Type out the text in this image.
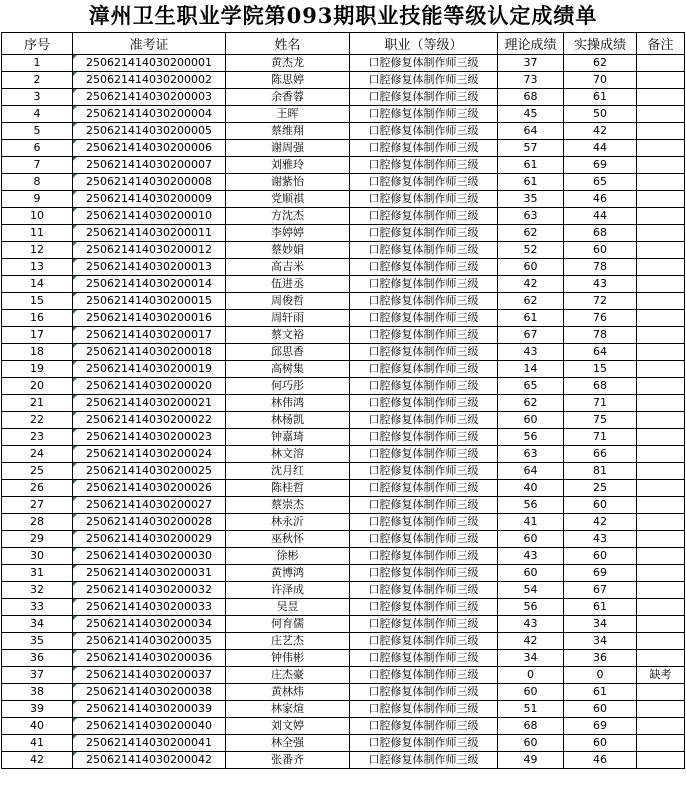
漳州卫生职业学院第093期职业技能等级认定成绩单
序号	准考证	姓名	职业（等级）	理论成绩	实操成绩	备注
1	250621414030200001	黄杰龙	口腔修复体制作师三级	37	62	
2	250621414030200002	陈思婷	口腔修复体制作师三级	73	70	
3	250621414030200003	余香蓉	口腔修复体制作师三级	68	61	
4	250621414030200004	王晖	口腔修复体制作师三级	45	50	
5	250621414030200005	蔡维翔	口腔修复体制作师三级	64	42	
6	250621414030200006	谢周强	口腔修复体制作师三级	57	44	
7	250621414030200007	刘雅玲	口腔修复体制作师三级	61	69	
8	250621414030200008	谢紫怡	口腔修复体制作师三级	61	65	
9	250621414030200009	党顺祺	口腔修复体制作师三级	35	46	
10	250621414030200010	方沈杰	口腔修复体制作师三级	63	44	
11	250621414030200011	李婷婷	口腔修复体制作师三级	62	68	
12	250621414030200012	蔡妙娟	口腔修复体制作师三级	52	60	
13	250621414030200013	高吉米	口腔修复体制作师三级	60	78	
14	250621414030200014	伍进丞	口腔修复体制作师三级	42	43	
15	250621414030200015	周俊哲	口腔修复体制作师三级	62	72	
16	250621414030200016	周轩雨	口腔修复体制作师三级	61	76	
17	250621414030200017	蔡文裕	口腔修复体制作师三级	67	78	
18	250621414030200018	邱思香	口腔修复体制作师三级	43	64	
19	250621414030200019	高树集	口腔修复体制作师三级	14	15	
20	250621414030200020	何巧彤	口腔修复体制作师三级	65	68	
21	250621414030200021	林伟鸿	口腔修复体制作师三级	62	71	
22	250621414030200022	林杨凯	口腔修复体制作师三级	60	75	
23	250621414030200023	钟嘉琦	口腔修复体制作师三级	56	71	
24	250621414030200024	林文溶	口腔修复体制作师三级	63	66	
25	250621414030200025	沈月红	口腔修复体制作师三级	64	81	
26	250621414030200026	陈桂哲	口腔修复体制作师三级	40	25	
27	250621414030200027	蔡崇杰	口腔修复体制作师三级	56	60	
28	250621414030200028	林永沂	口腔修复体制作师三级	41	42	
29	250621414030200029	巫秋怀	口腔修复体制作师三级	60	43	
30	250621414030200030	徐彬	口腔修复体制作师三级	43	60	
31	250621414030200031	黄博鸿	口腔修复体制作师三级	60	69	
32	250621414030200032	许泽成	口腔修复体制作师三级	54	67	
33	250621414030200033	吴昱	口腔修复体制作师三级	56	61	
34	250621414030200034	何育儒	口腔修复体制作师三级	43	34	
35	250621414030200035	庄艺杰	口腔修复体制作师三级	42	34	
36	250621414030200036	钟伟彬	口腔修复体制作师三级	34	36	
37	250621414030200037	庄杰豪	口腔修复体制作师三级	0	0	缺考
38	250621414030200038	黄林炜	口腔修复体制作师三级	60	61	
39	250621414030200039	林家煊	口腔修复体制作师三级	51	60	
40	250621414030200040	刘文婷	口腔修复体制作师三级	68	69	
41	250621414030200041	林全强	口腔修复体制作师三级	60	60	
42	250621414030200042	张番齐	口腔修复体制作师三级	49	46	
